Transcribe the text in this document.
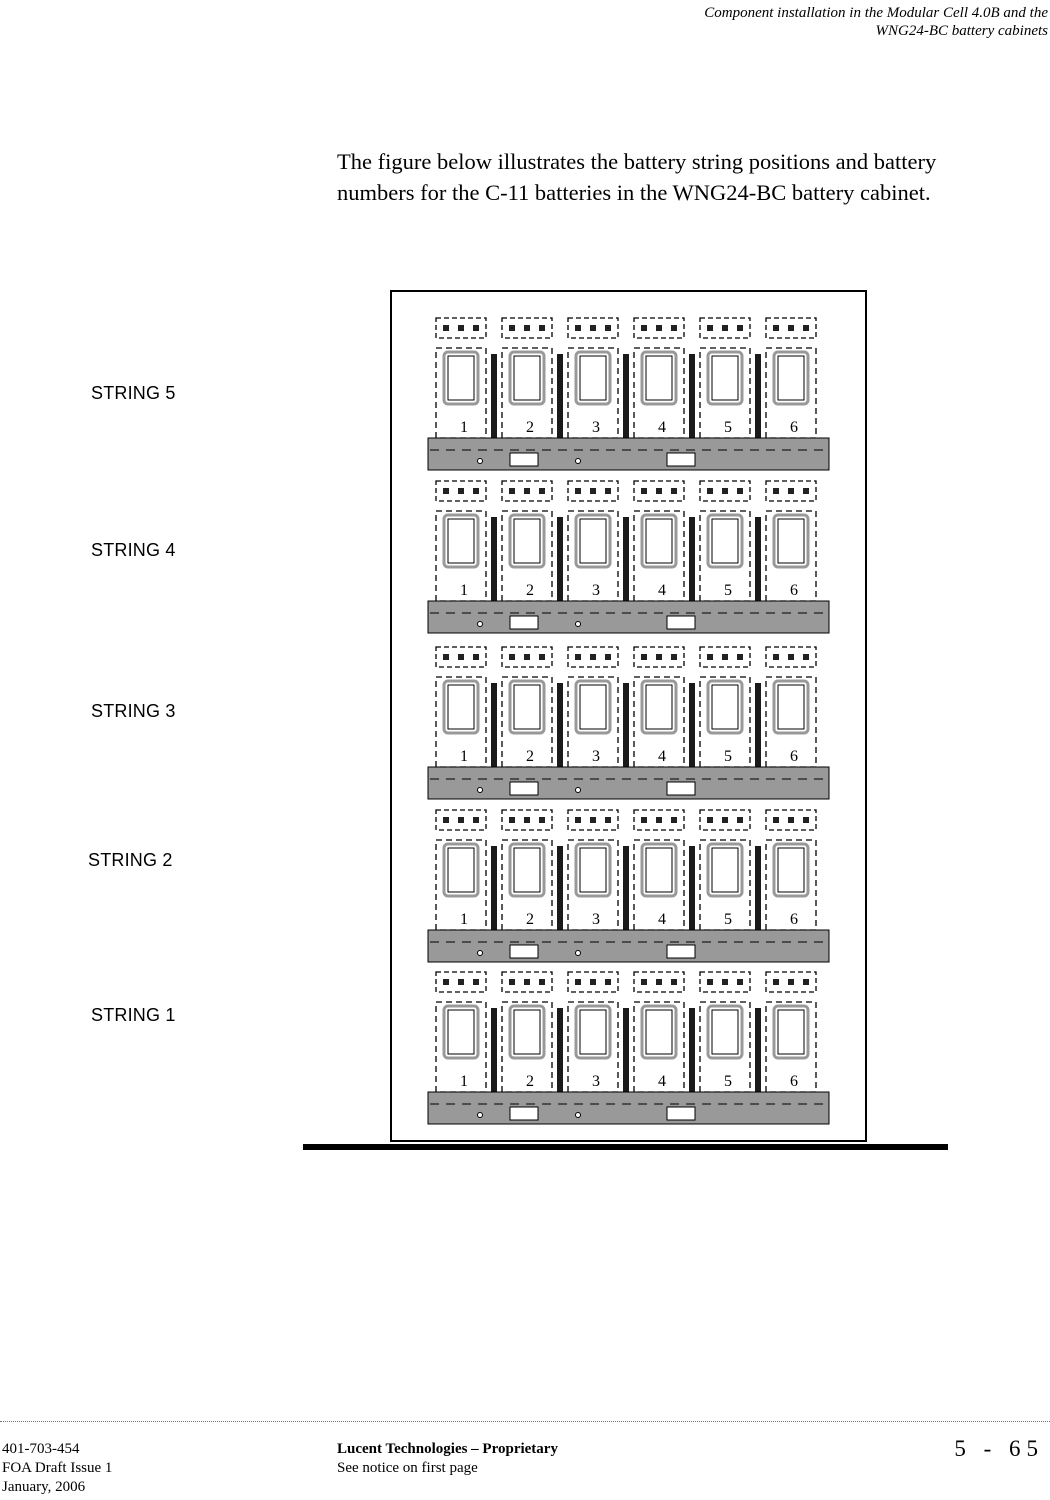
Component installation in the Modular Cell 4.0B and the
WNG24-BC battery cabinets
The figure below illustrates the battery string positions and battery numbers for the C-11 batteries in the WNG24-BC battery cabinet.
STRING 5
STRING 4
STRING 3
STRING 2
STRING 1
1	2	3	4	5	6
1	2	3	4	5	6
1	2	3	4	5	6
1	2	3	4	5	6
1	2	3	4	5	6
401-703-454
FOA Draft Issue 1
January, 2006
Lucent Technologies – Proprietary
See notice on first page
5 - 65
